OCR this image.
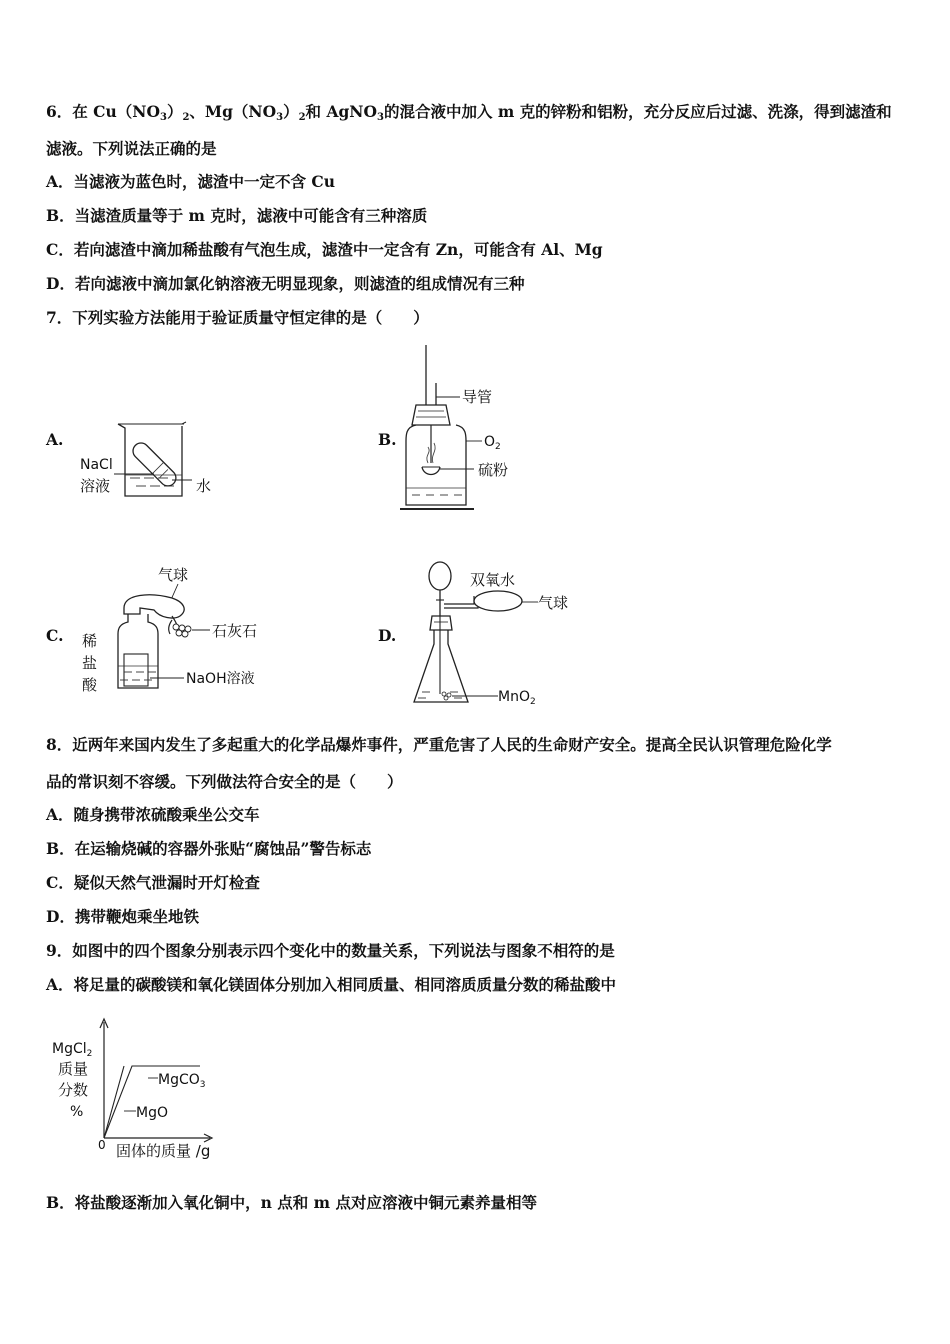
6．在 $Cu(NO_3)_2$、$Mg(NO_3)_2$和 AgNO$_3$的混合液中加入 m 克的锌粉和铝粉，充分反应后过滤、洗涤，得到滤渣和
滤液。下列说法正确的是
A．当滤液为蓝色时，滤渣中一定不含 Cu
B．当滤渣质量等于 m 克时，滤液中可能含有三种溶质
C．若向滤渣中滴加稀盐酸有气泡生成，滤渣中一定含有 Zn，可能含有 Al、Mg
D．若向滤液中滴加氯化钠溶液无明显现象，则滤渣的组成情况有三种
7．下列实验方法能用于验证质量守恒定律的是（　　）
A.	B.
C.	D.
NaCl
溶液	水
导管
$O_2$
硫粉
气球
石灰石
稀
盐
酸	NaOH溶液
双氧水
气球
MnO$_2$
8．近两年来国内发生了多起重大的化学品爆炸事件，严重危害了人民的生命财产安全。提高全民认识管理危险化学
品的常识刻不容缓。下列做法符合安全的是（　　）
A．随身携带浓硫酸乘坐公交车
B．在运输烧碱的容器外张贴“腐蚀品”警告标志
C．疑似天然气泄漏时开灯检查
D．携带鞭炮乘坐地铁
9．如图中的四个图象分别表示四个变化中的数量关系，下列说法与图象不相符的是
A．将足量的碳酸镁和氧化镁固体分别加入相同质量、相同溶质质量分数的稀盐酸中
MgCO$_3$
MgO
MgCl$_2$
质量
分数
%
0 固体的质量 /g
B．将盐酸逐渐加入氧化铜中，n 点和 m 点对应溶液中铜元素养量相等
